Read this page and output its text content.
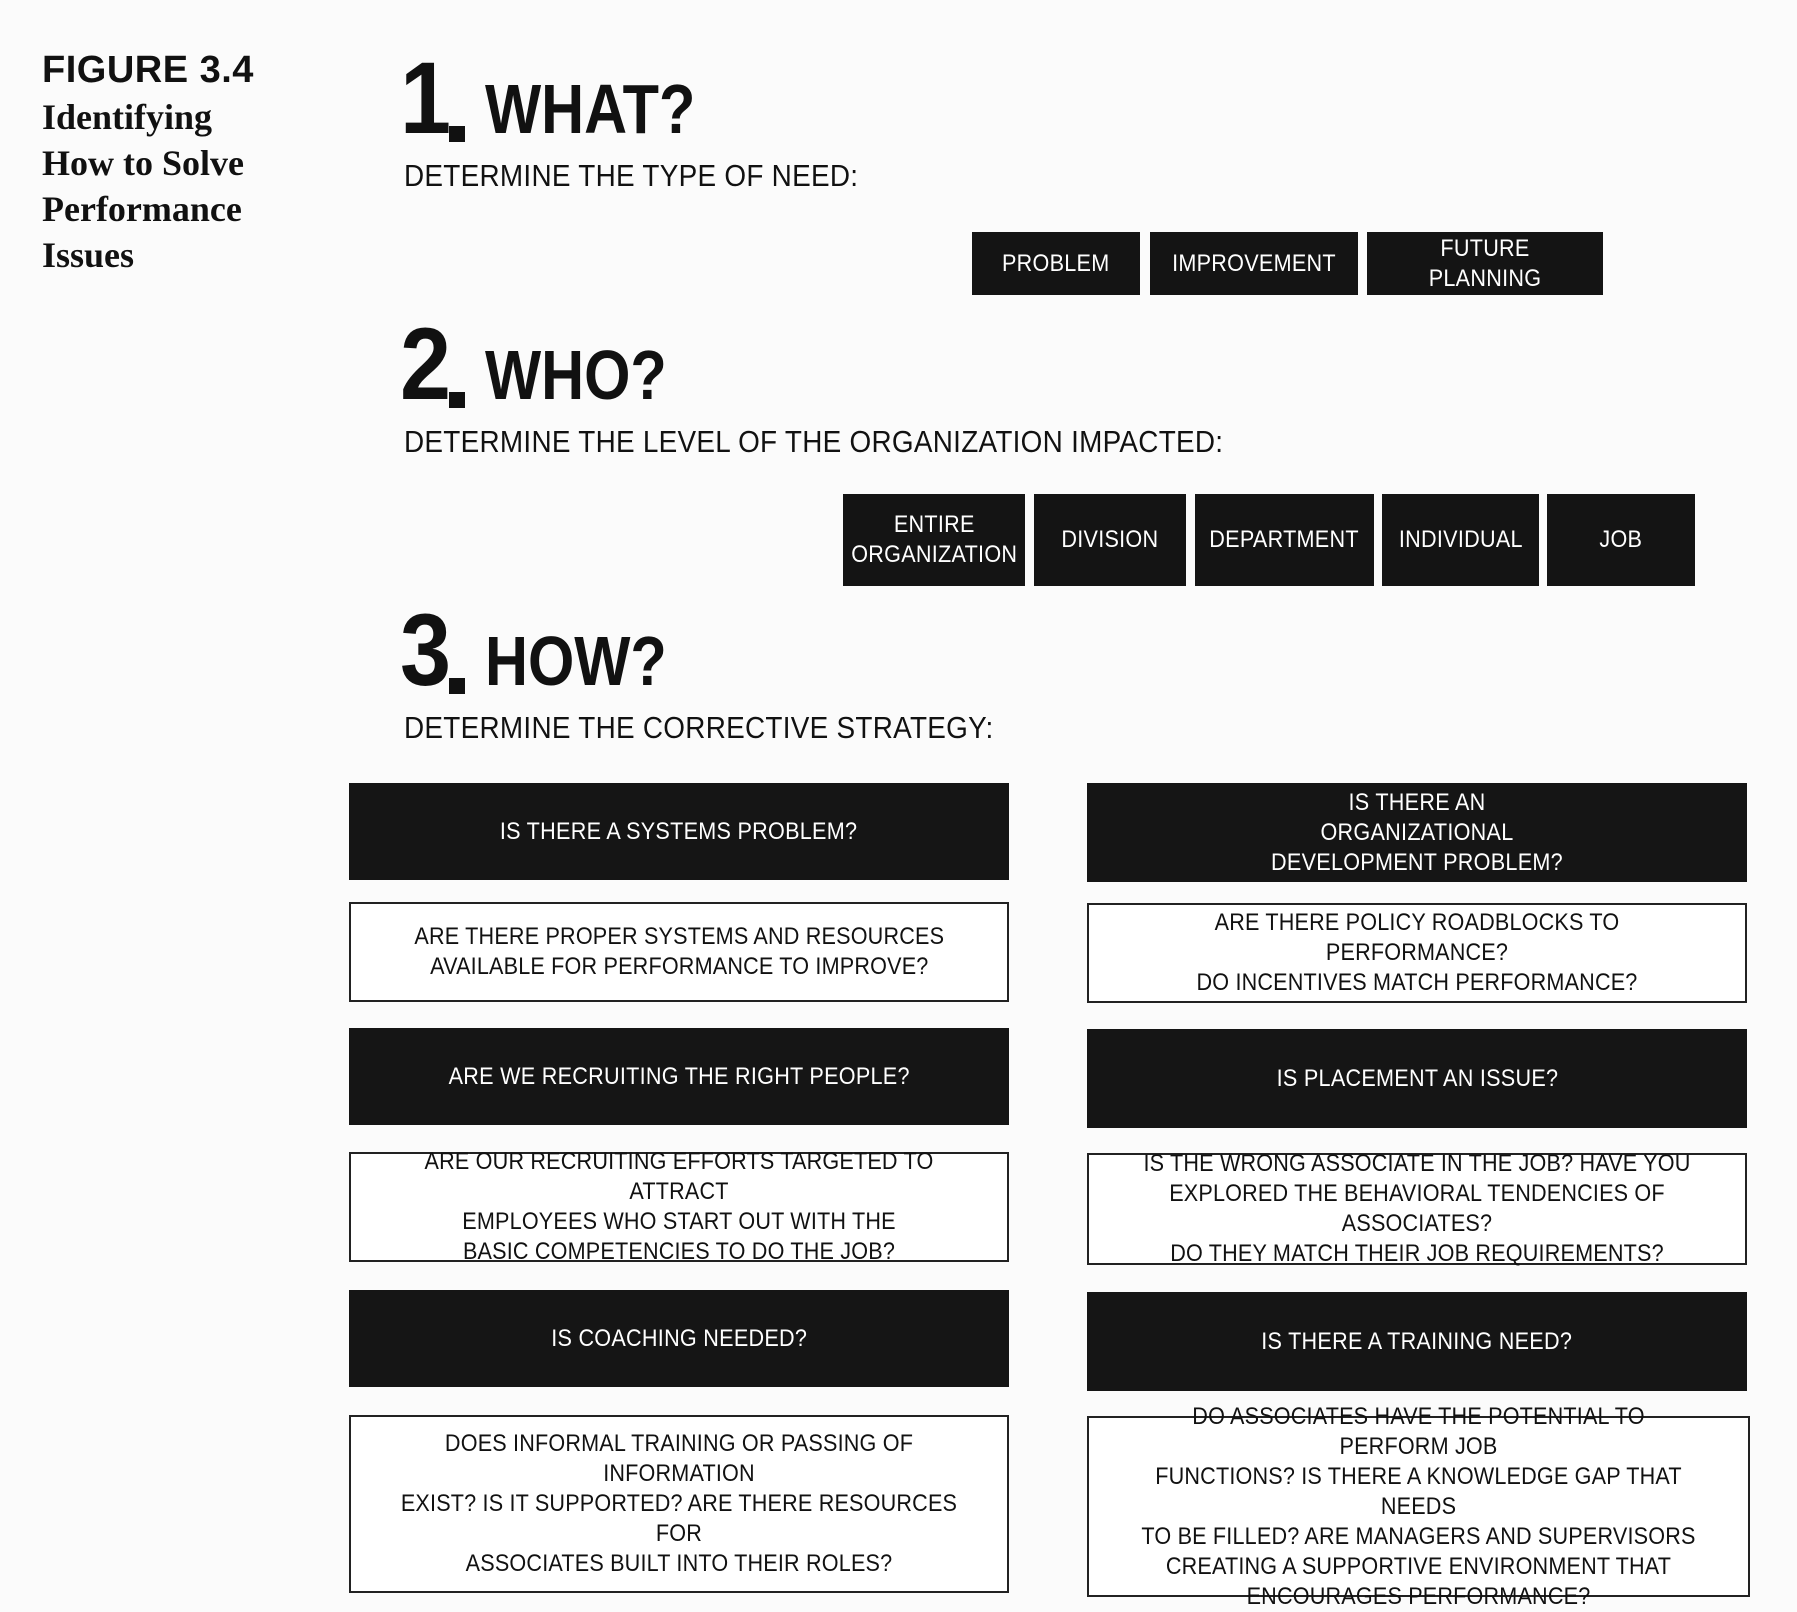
FIGURE 3.4
Identifying How to Solve Performance Issues
1 WHAT?
DETERMINE THE TYPE OF NEED:
PROBLEM	IMPROVEMENT
FUTURE PLANNING
2 WHO?
DETERMINE THE LEVEL OF THE ORGANIZATION IMPACTED:
ENTIRE ORGANIZATION
DIVISION DEPARTMENT INDIVIDUAL	JOB
3 HOW?
DETERMINE THE CORRECTIVE STRATEGY:
IS THERE A SYSTEMS PROBLEM?
ARE THERE PROPER SYSTEMS AND RESOURCES
AVAILABLE FOR PERFORMANCE TO IMPROVE?
ARE WE RECRUITING THE RIGHT PEOPLE?
ARE OUR RECRUITING EFFORTS TARGETED TO ATTRACT
EMPLOYEES WHO START OUT WITH THE
BASIC COMPETENCIES TO DO THE JOB?
IS COACHING NEEDED?
DOES INFORMAL TRAINING OR PASSING OF INFORMATION
EXIST? IS IT SUPPORTED? ARE THERE RESOURCES FOR
ASSOCIATES BUILT INTO THEIR ROLES?
IS THERE AN ORGANIZATIONAL DEVELOPMENT PROBLEM?
ARE THERE POLICY ROADBLOCKS TO PERFORMANCE?
DO INCENTIVES MATCH PERFORMANCE?
IS PLACEMENT AN ISSUE?
IS THE WRONG ASSOCIATE IN THE JOB? HAVE YOU
EXPLORED THE BEHAVIORAL TENDENCIES OF ASSOCIATES?
DO THEY MATCH THEIR JOB REQUIREMENTS?
IS THERE A TRAINING NEED?
DO ASSOCIATES HAVE THE POTENTIAL TO PERFORM JOB
FUNCTIONS? IS THERE A KNOWLEDGE GAP THAT NEEDS
TO BE FILLED? ARE MANAGERS AND SUPERVISORS
CREATING A SUPPORTIVE ENVIRONMENT THAT
ENCOURAGES PERFORMANCE?
